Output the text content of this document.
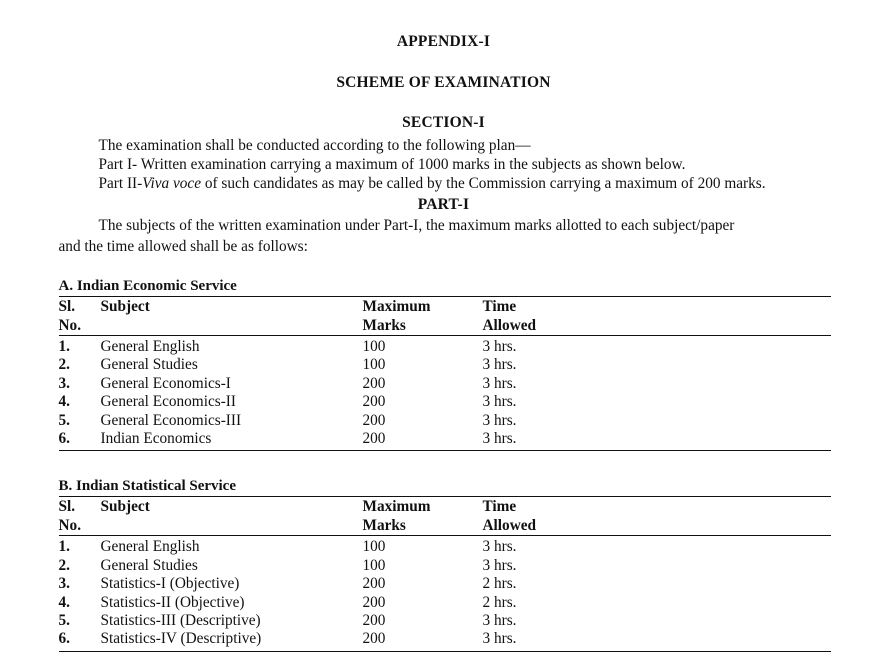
APPENDIX-I
SCHEME OF EXAMINATION
SECTION-I
The examination shall be conducted according to the following plan—
Part I- Written examination carrying a maximum of 1000 marks in the subjects as shown below.
Part II-Viva voce of such candidates as may be called by the Commission carrying a maximum of 200 marks.
PART-I
The subjects of the written examination under Part-I, the maximum marks allotted to each subject/paper
and the time allowed shall be as follows:
A. Indian Economic Service
Sl.	Subject	Maximum	Time
No.		Marks	Allowed
1.	General English	100	3 hrs.
2.	General Studies	100	3 hrs.
3.	General Economics-I	200	3 hrs.
4.	General Economics-II	200	3 hrs.
5.	General Economics-III	200	3 hrs.
6.	Indian Economics	200	3 hrs.
B. Indian Statistical Service
Sl.	Subject	Maximum	Time
No.		Marks	Allowed
1.	General English	100	3 hrs.
2.	General Studies	100	3 hrs.
3.	Statistics-I (Objective)	200	2 hrs.
4.	Statistics-II (Objective)	200	2 hrs.
5.	Statistics-III (Descriptive)	200	3 hrs.
6.	Statistics-IV (Descriptive)	200	3 hrs.
